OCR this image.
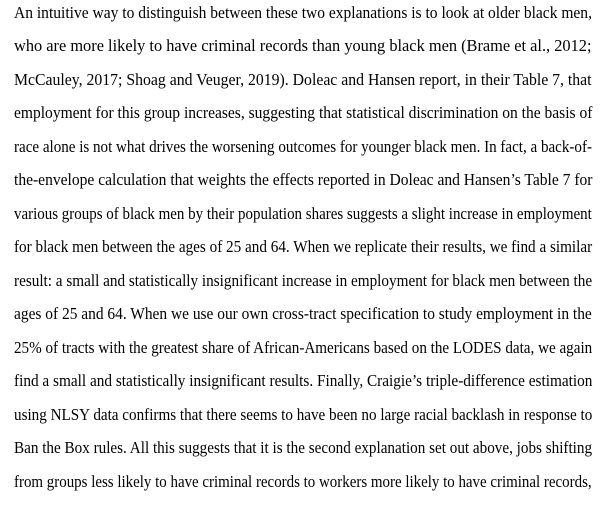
An intuitive way to distinguish between these two explanations is to look at older black men,
who are more likely to have criminal records than young black men (Brame et al., 2012;
McCauley, 2017; Shoag and Veuger, 2019). Doleac and Hansen report, in their Table 7, that
employment for this group increases, suggesting that statistical discrimination on the basis of
race alone is not what drives the worsening outcomes for younger black men. In fact, a back-of-
the-envelope calculation that weights the effects reported in Doleac and Hansen’s Table 7 for
various groups of black men by their population shares suggests a slight increase in employment
for black men between the ages of 25 and 64. When we replicate their results, we find a similar
result: a small and statistically insignificant increase in employment for black men between the
ages of 25 and 64. When we use our own cross-tract specification to study employment in the
25% of tracts with the greatest share of African-Americans based on the LODES data, we again
find a small and statistically insignificant results. Finally, Craigie’s triple-difference estimation
using NLSY data confirms that there seems to have been no large racial backlash in response to
Ban the Box rules. All this suggests that it is the second explanation set out above, jobs shifting
from groups less likely to have criminal records to workers more likely to have criminal records,
